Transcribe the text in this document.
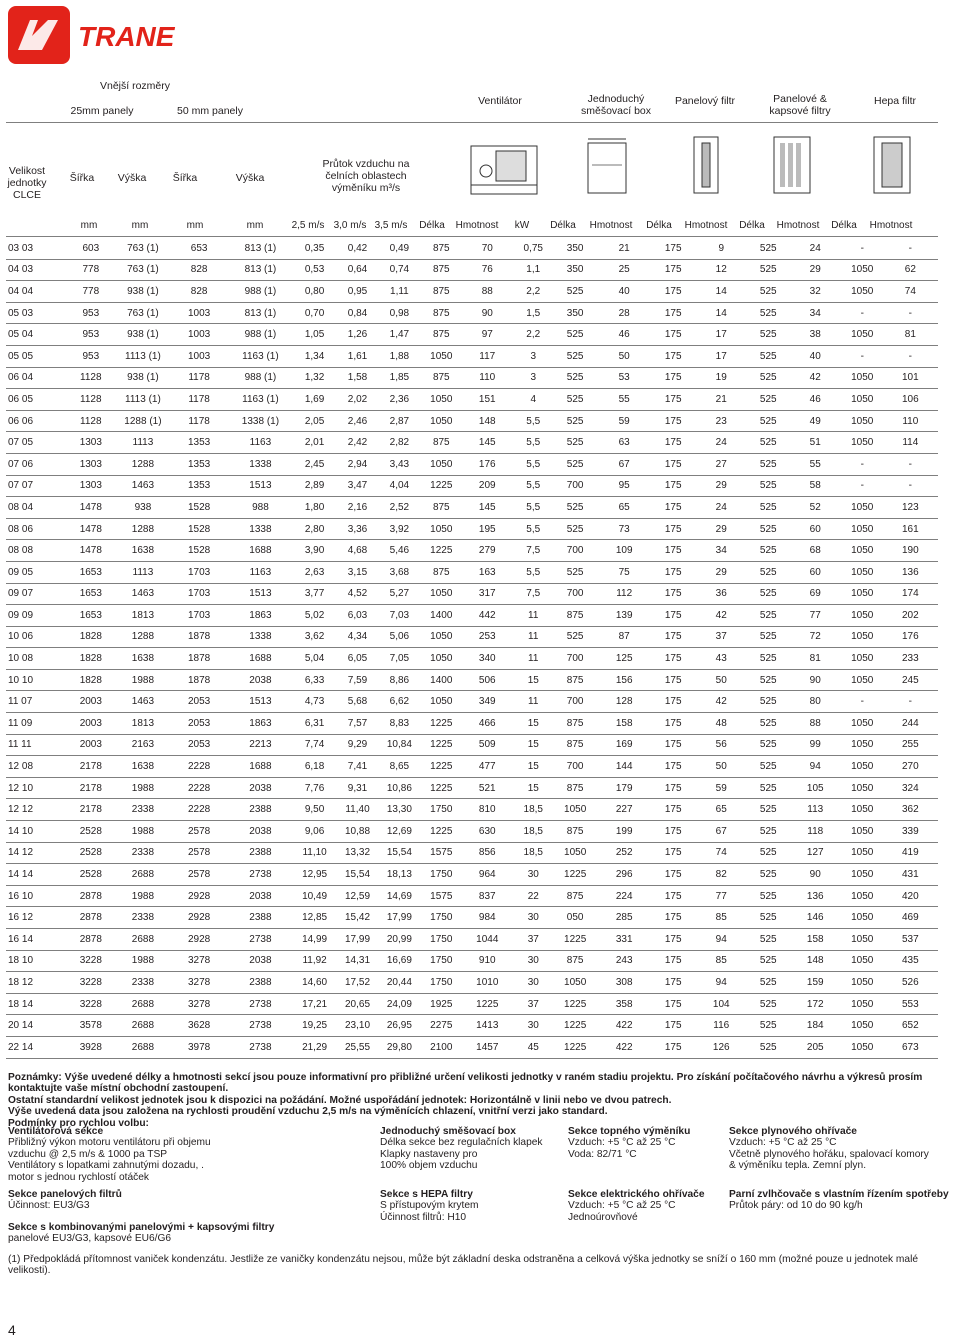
TRANE
Vnější rozměry
25mm panely	50 mm panely
Ventilátor	Jednoduchý směšovací box
Panelový filtr	Panelové & kapsové filtry
Hepa filtr
Velikost jednotky CLCE
Šířka	Výška	Šířka	Výška
Průtok vzduchu na čelních oblastech výměníku m³/s
mm	mm	mm	mm	2,5 m/s 3,0 m/s 3,5 m/s	Délka	Hmotnost	kW	Délka	Hmotnost	Délka	Hmotnost	Délka	Hmotnost	Délka	Hmotnost
03 03	603	763 (1)	653	813 (1)	0,35	0,42	0,49	875	70	0,75	350	21	175	9	525	24	-	-
04 03	778	763 (1)	828	813 (1)	0,53	0,64	0,74	875	76	1,1	350	25	175	12	525	29	1050	62
04 04	778	938 (1)	828	988 (1)	0,80	0,95	1,11	875	88	2,2	525	40	175	14	525	32	1050	74
05 03	953	763 (1)	1003	813 (1)	0,70	0,84	0,98	875	90	1,5	350	28	175	14	525	34	-	-
05 04	953	938 (1)	1003	988 (1)	1,05	1,26	1,47	875	97	2,2	525	46	175	17	525	38	1050	81
05 05	953	1113 (1)	1003	1163 (1)	1,34	1,61	1,88	1050	117	3	525	50	175	17	525	40	-	-
06 04	1128	938 (1)	1178	988 (1)	1,32	1,58	1,85	875	110	3	525	53	175	19	525	42	1050	101
06 05	1128	1113 (1)	1178	1163 (1)	1,69	2,02	2,36	1050	151	4	525	55	175	21	525	46	1050	106
06 06	1128	1288 (1)	1178	1338 (1)	2,05	2,46	2,87	1050	148	5,5	525	59	175	23	525	49	1050	110
07 05	1303	1113	1353	1163	2,01	2,42	2,82	875	145	5,5	525	63	175	24	525	51	1050	114
07 06	1303	1288	1353	1338	2,45	2,94	3,43	1050	176	5,5	525	67	175	27	525	55	-	-
07 07	1303	1463	1353	1513	2,89	3,47	4,04	1225	209	5,5	700	95	175	29	525	58	-	-
08 04	1478	938	1528	988	1,80	2,16	2,52	875	145	5,5	525	65	175	24	525	52	1050	123
08 06	1478	1288	1528	1338	2,80	3,36	3,92	1050	195	5,5	525	73	175	29	525	60	1050	161
08 08	1478	1638	1528	1688	3,90	4,68	5,46	1225	279	7,5	700	109	175	34	525	68	1050	190
09 05	1653	1113	1703	1163	2,63	3,15	3,68	875	163	5,5	525	75	175	29	525	60	1050	136
09 07	1653	1463	1703	1513	3,77	4,52	5,27	1050	317	7,5	700	112	175	36	525	69	1050	174
09 09	1653	1813	1703	1863	5,02	6,03	7,03	1400	442	11	875	139	175	42	525	77	1050	202
10 06	1828	1288	1878	1338	3,62	4,34	5,06	1050	253	11	525	87	175	37	525	72	1050	176
10 08	1828	1638	1878	1688	5,04	6,05	7,05	1050	340	11	700	125	175	43	525	81	1050	233
10 10	1828	1988	1878	2038	6,33	7,59	8,86	1400	506	15	875	156	175	50	525	90	1050	245
11 07	2003	1463	2053	1513	4,73	5,68	6,62	1050	349	11	700	128	175	42	525	80	-	-
11 09	2003	1813	2053	1863	6,31	7,57	8,83	1225	466	15	875	158	175	48	525	88	1050	244
11 11	2003	2163	2053	2213	7,74	9,29	10,84	1225	509	15	875	169	175	56	525	99	1050	255
12 08	2178	1638	2228	1688	6,18	7,41	8,65	1225	477	15	700	144	175	50	525	94	1050	270
12 10	2178	1988	2228	2038	7,76	9,31	10,86	1225	521	15	875	179	175	59	525	105	1050	324
12 12	2178	2338	2228	2388	9,50	11,40	13,30	1750	810	18,5	1050	227	175	65	525	113	1050	362
14 10	2528	1988	2578	2038	9,06	10,88	12,69	1225	630	18,5	875	199	175	67	525	118	1050	339
14 12	2528	2338	2578	2388	11,10	13,32	15,54	1575	856	18,5	1050	252	175	74	525	127	1050	419
14 14	2528	2688	2578	2738	12,95	15,54	18,13	1750	964	30	1225	296	175	82	525	90	1050	431
16 10	2878	1988	2928	2038	10,49	12,59	14,69	1575	837	22	875	224	175	77	525	136	1050	420
16 12	2878	2338	2928	2388	12,85	15,42	17,99	1750	984	30	050	285	175	85	525	146	1050	469
16 14	2878	2688	2928	2738	14,99	17,99	20,99	1750	1044	37	1225	331	175	94	525	158	1050	537
18 10	3228	1988	3278	2038	11,92	14,31	16,69	1750	910	30	875	243	175	85	525	148	1050	435
18 12	3228	2338	3278	2388	14,60	17,52	20,44	1750	1010	30	1050	308	175	94	525	159	1050	526
18 14	3228	2688	3278	2738	17,21	20,65	24,09	1925	1225	37	1225	358	175	104	525	172	1050	553
20 14	3578	2688	3628	2738	19,25	23,10	26,95	2275	1413	30	1225	422	175	116	525	184	1050	652
22 14	3928	2688	3978	2738	21,29	25,55	29,80	2100	1457	45	1225	422	175	126	525	205	1050	673
Poznámky: Výše uvedené délky a hmotnosti sekcí jsou pouze informativní pro přibližné určení velikosti jednotky v raném stadiu projektu. Pro získání počítačového návrhu a výkresů prosím kontaktujte vaše místní obchodní zastoupení.
Ostatní standardní velikost jednotek jsou k dispozici na požádání. Možné uspořádání jednotek: Horizontálně v linii nebo ve dvou patrech.
Výše uvedená data jsou založena na rychlosti proudění vzduchu 2,5 m/s na výměnících chlazení, vnitřní verzi jako standard.
Podmínky pro rychlou volbu:
Ventilátorová sekce
Přibližný výkon motoru ventilátoru při objemu
vzduchu @ 2,5 m/s & 1000 pa TSP
Ventilátory s lopatkami zahnutými dozadu, .
motor s jednou rychlostí otáček
Jednoduchý směšovací box
Délka sekce bez regulačních klapek
Klapky nastaveny pro
100% objem vzduchu
Sekce topného výměníku
Vzduch: +5 °C až 25 °C
Voda: 82/71 °C
Sekce plynového ohřívače
Vzduch: +5 °C až 25 °C
Včetně plynového hořáku, spalovací komory
& výměníku tepla. Zemní plyn.
Sekce panelových filtrů
Účinnost: EU3/G3
Sekce s HEPA filtry
S přístupovým krytem
Účinnost filtrů: H10
Sekce elektrického ohřívače
Vzduch: +5 °C až 25 °C
Jednoúrovňové
Parní zvlhčovače s vlastním řízením spotřeby
Průtok páry: od 10 do 90 kg/h
Sekce s kombinovanými panelovými + kapsovými filtry
panelové EU3/G3, kapsové EU6/G6
(1) Předpokládá přítomnost vaniček kondenzátu. Jestliže ze vaničky kondenzátu nejsou, může být základní deska odstraněna a celková výška jednotky se sníží o 160 mm (možné pouze u jednotek malé velikosti).
4
